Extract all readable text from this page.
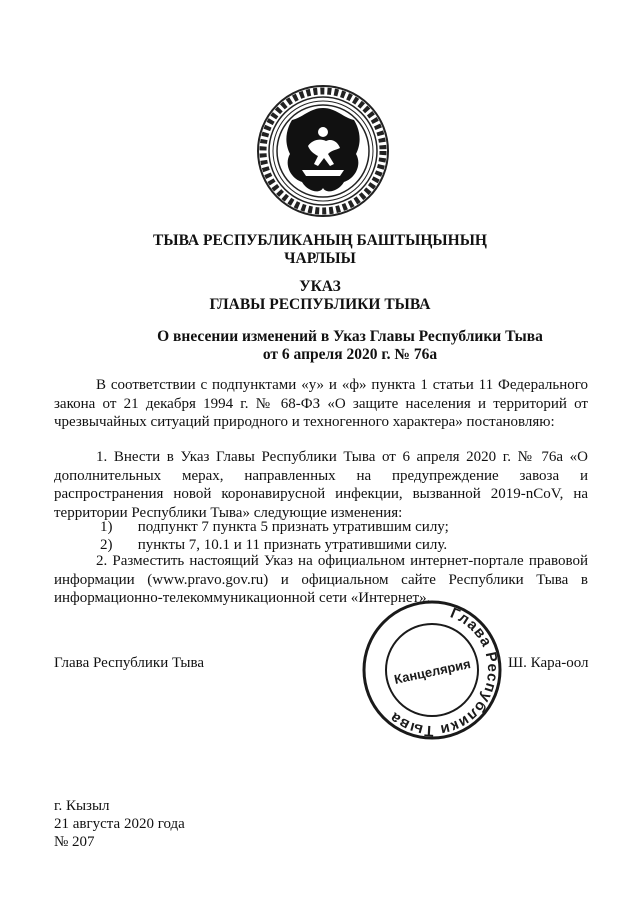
ТЫВА РЕСПУБЛИКАНЫҢ БАШТЫҢЫНЫҢ
ЧАРЛЫЫ
УКАЗ
ГЛАВЫ РЕСПУБЛИКИ ТЫВА
О внесении изменений в Указ Главы Республики Тыва
от 6 апреля 2020 г. № 76а
В соответствии с подпунктами «у» и «ф» пункта 1 статьи 11 Федерального закона от 21 декабря 1994 г. № 68-ФЗ «О защите населения и территорий от чрезвычайных ситуаций природного и техногенного характера» постановляю:
1. Внести в Указ Главы Республики Тыва от 6 апреля 2020 г. № 76а «О дополнительных мерах, направленных на предупреждение завоза и распространения новой коронавирусной инфекции, вызванной 2019-nCoV, на территории Республики Тыва» следующие изменения:
1) подпункт 7 пункта 5 признать утратившим силу;
2) пункты 7, 10.1 и 11 признать утратившими силу.
2. Разместить настоящий Указ на официальном интернет-портале правовой информации (www.pravo.gov.ru) и официальном сайте Республики Тыва в информационно-телекоммуникационной сети «Интернет».
Глава Республики Тыва
Глава Республики Тыва
Канцелярия Ш. Кара-оол
г. Кызыл
21 августа 2020 года
№ 207
